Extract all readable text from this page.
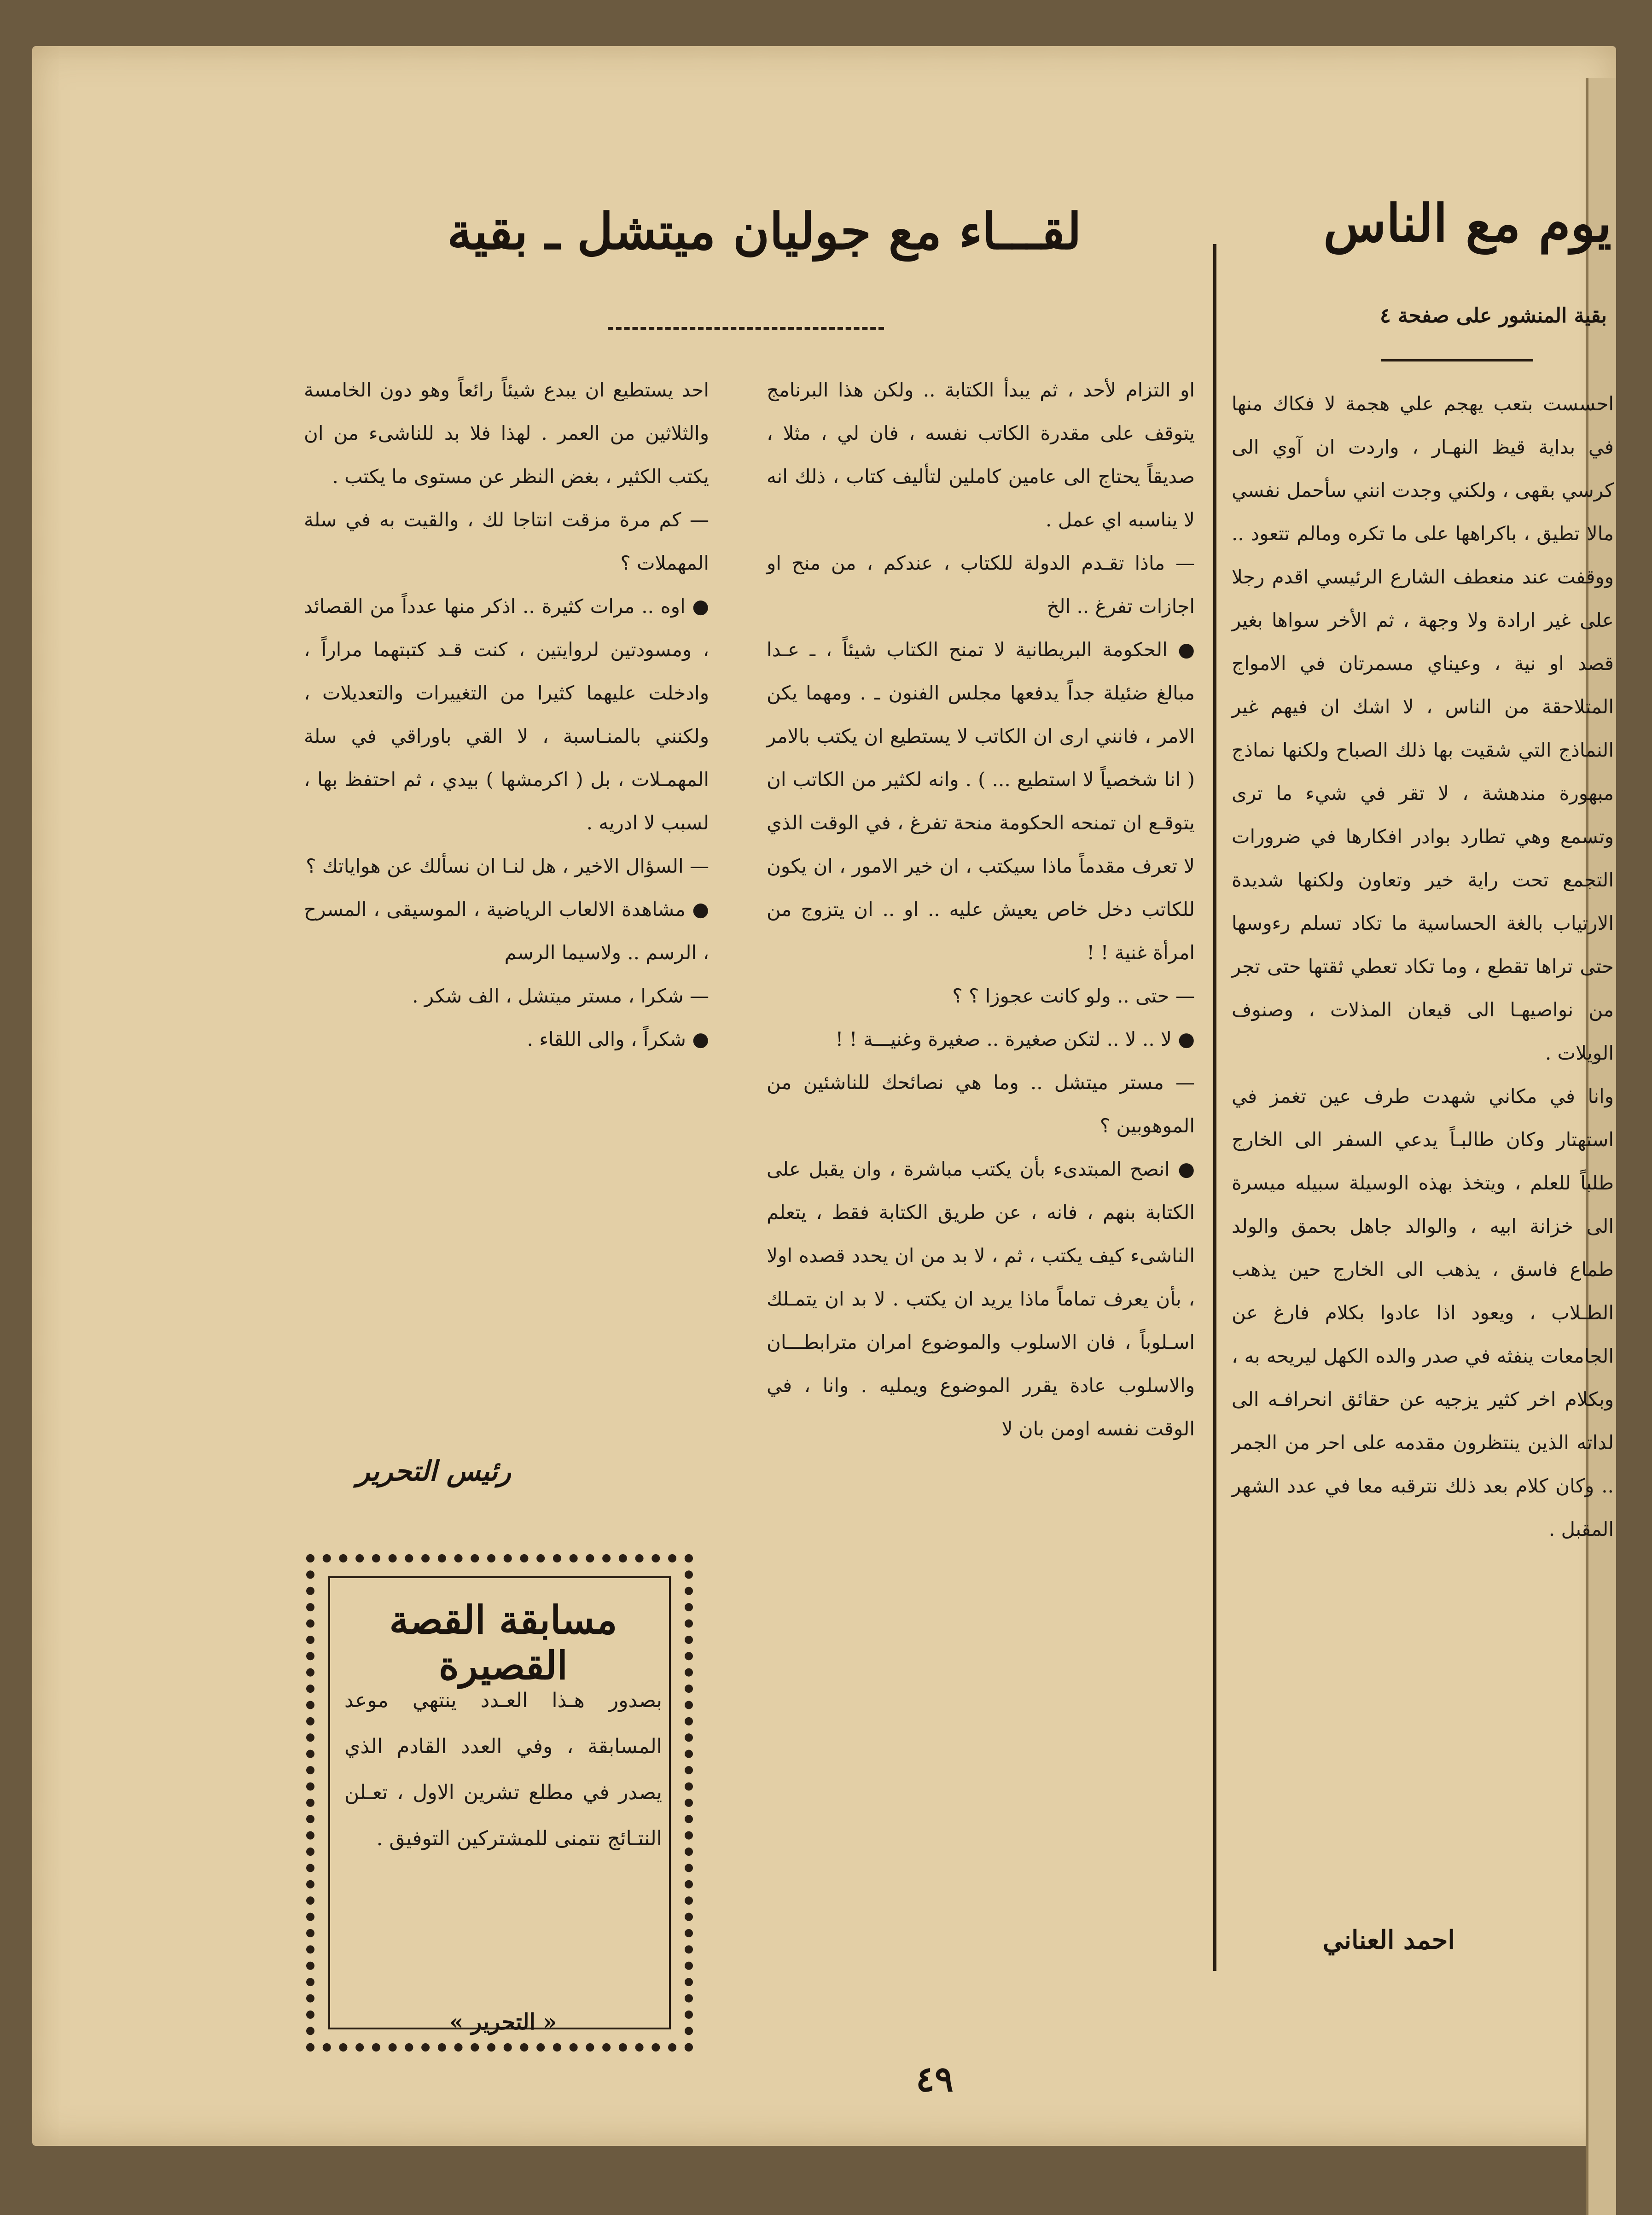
يوم مع الناس
بقية المنشور على صفحة ٤

احسست بتعب يهجم علي هجمة لا فكاك منها في بداية قيظ النهـار ، واردت ان آوي الى كرسي بقهى ، ولكني وجدت انني سأحمل نفسي مالا تطيق ، باكراهها على ما تكره ومالم تتعود .. ووقفت عند منعطف الشارع الرئيسي اقدم رجلا على غير ارادة ولا وجهة ، ثم الأخر سواها بغير قصد او نية ، وعيناي مسمرتان في الامواج المتلاحقة من الناس ، لا اشك ان فيهم غير النماذج التي شقيت بها ذلك الصباح ولكنها نماذج مبهورة مندهشة ، لا تقر في شيء ما ترى وتسمع وهي تطارد بوادر افكارها في ضرورات التجمع تحت راية خير وتعاون ولكنها شديدة الارتياب بالغة الحساسية ما تكاد تسلم رءوسها حتى تراها تقطع ، وما تكاد تعطي ثقتها حتى تجر من نواصيهـا الى قيعان المذلات ، وصنوف الويلات .

وانا في مكاني شهدت طرف عين تغمز في استهتار وكان طالبـاً يدعي السفر الى الخارج طلباً للعلم ، ويتخذ بهذه الوسيلة سبيله ميسرة الى خزانة ابيه ، والوالد جاهل بحمق والولد طماع فاسق ، يذهب الى الخارج حين يذهب الطـلاب ، ويعود اذا عادوا بكلام فارغ عن الجامعات ينفثه في صدر والده الكهل ليريحه به ، وبكلام اخر كثير يزجيه عن حقائق انحرافـه الى لداته الذين ينتظرون مقدمه على احر من الجمر .. وكان كلام بعد ذلك نترقبه معا في عدد الشهر المقبل .

احمد العناني
لقـــاء مع جوليان ميتشل ـ بقية

او التزام لأحد ، ثم يبدأ الكتابة .. ولكن هذا البرنامج يتوقف على مقدرة الكاتب نفسه ، فان لي ، مثلا ، صديقاً يحتاج الى عامين كاملين لتأليف كتاب ، ذلك انه لا يناسبه اي عمل .

— ماذا تقـدم الدولة للكتاب ، عندكم ، من منح او اجازات تفرغ .. الخ

● الحكومة البريطانية لا تمنح الكتاب شيئاً ، ـ عـدا مبالغ ضئيلة جداً يدفعها مجلس الفنون ـ . ومهما يكن الامر ، فانني ارى ان الكاتب لا يستطيع ان يكتب بالامر ( انا شخصياً لا استطيع ... ) . وانه لكثير من الكاتب ان يتوقـع ان تمنحه الحكومة منحة تفرغ ، في الوقت الذي لا تعرف مقدماً ماذا سيكتب ، ان خير الامور ، ان يكون للكاتب دخل خاص يعيش عليه .. او .. ان يتزوج من امرأة غنية ! !

— حتى .. ولو كانت عجوزا ؟ ؟

● لا .. لا .. لتكن صغيرة .. صغيرة وغنيـــة ! !

— مستر ميتشل .. وما هي نصائحك للناشئين من الموهوبين ؟

● انصح المبتدىء بأن يكتب مباشرة ، وان يقبل على الكتابة بنهم ، فانه ، عن طريق الكتابة فقط ، يتعلم الناشىء كيف يكتب ، ثم ، لا بد من ان يحدد قصده اولا ، بأن يعرف تماماً ماذا يريد ان يكتب . لا بد ان يتمـلك اسـلوباً ، فان الاسلوب والموضوع امران مترابطـــان والاسلوب عادة يقرر الموضوع ويمليه . وانا ، في الوقت نفسه اومن بان لا

احد يستطيع ان يبدع شيئاً رائعاً وهو دون الخامسة والثلاثين من العمر . لهذا فلا بد للناشىء من ان يكتب الكثير ، بغض النظر عن مستوى ما يكتب .

— كم مرة مزقت انتاجا لك ، والقيت به في سلة المهملات ؟

● اوه .. مرات كثيرة .. اذكر منها عدداً من القصائد ، ومسودتين لروايتين ، كنت قـد كتبتهما مراراً ، وادخلت عليهما كثيرا من التغييرات والتعديلات ، ولكنني بالمنـاسبة ، لا القي باوراقي في سلة المهمـلات ، بل ( اكرمشها ) بيدي ، ثم احتفظ بها ، لسبب لا ادريه .

— السؤال الاخير ، هل لنـا ان نسألك عن هواياتك ؟

● مشاهدة الالعاب الرياضية ، الموسيقى ، المسرح ، الرسم .. ولاسيما الرسم

— شكرا ، مستر ميتشل ، الف شكر .

● شكراً ، والى اللقاء .

رئيس التحرير
مسابقة القصة القصيرة

بصدور هـذا العـدد ينتهي موعد المسابقة ، وفي العدد القادم الذي يصدر في مطلع تشرين الاول ، تعـلن النتـائج نتمنى للمشتركين التوفيق .

« التحرير »
٤٩
